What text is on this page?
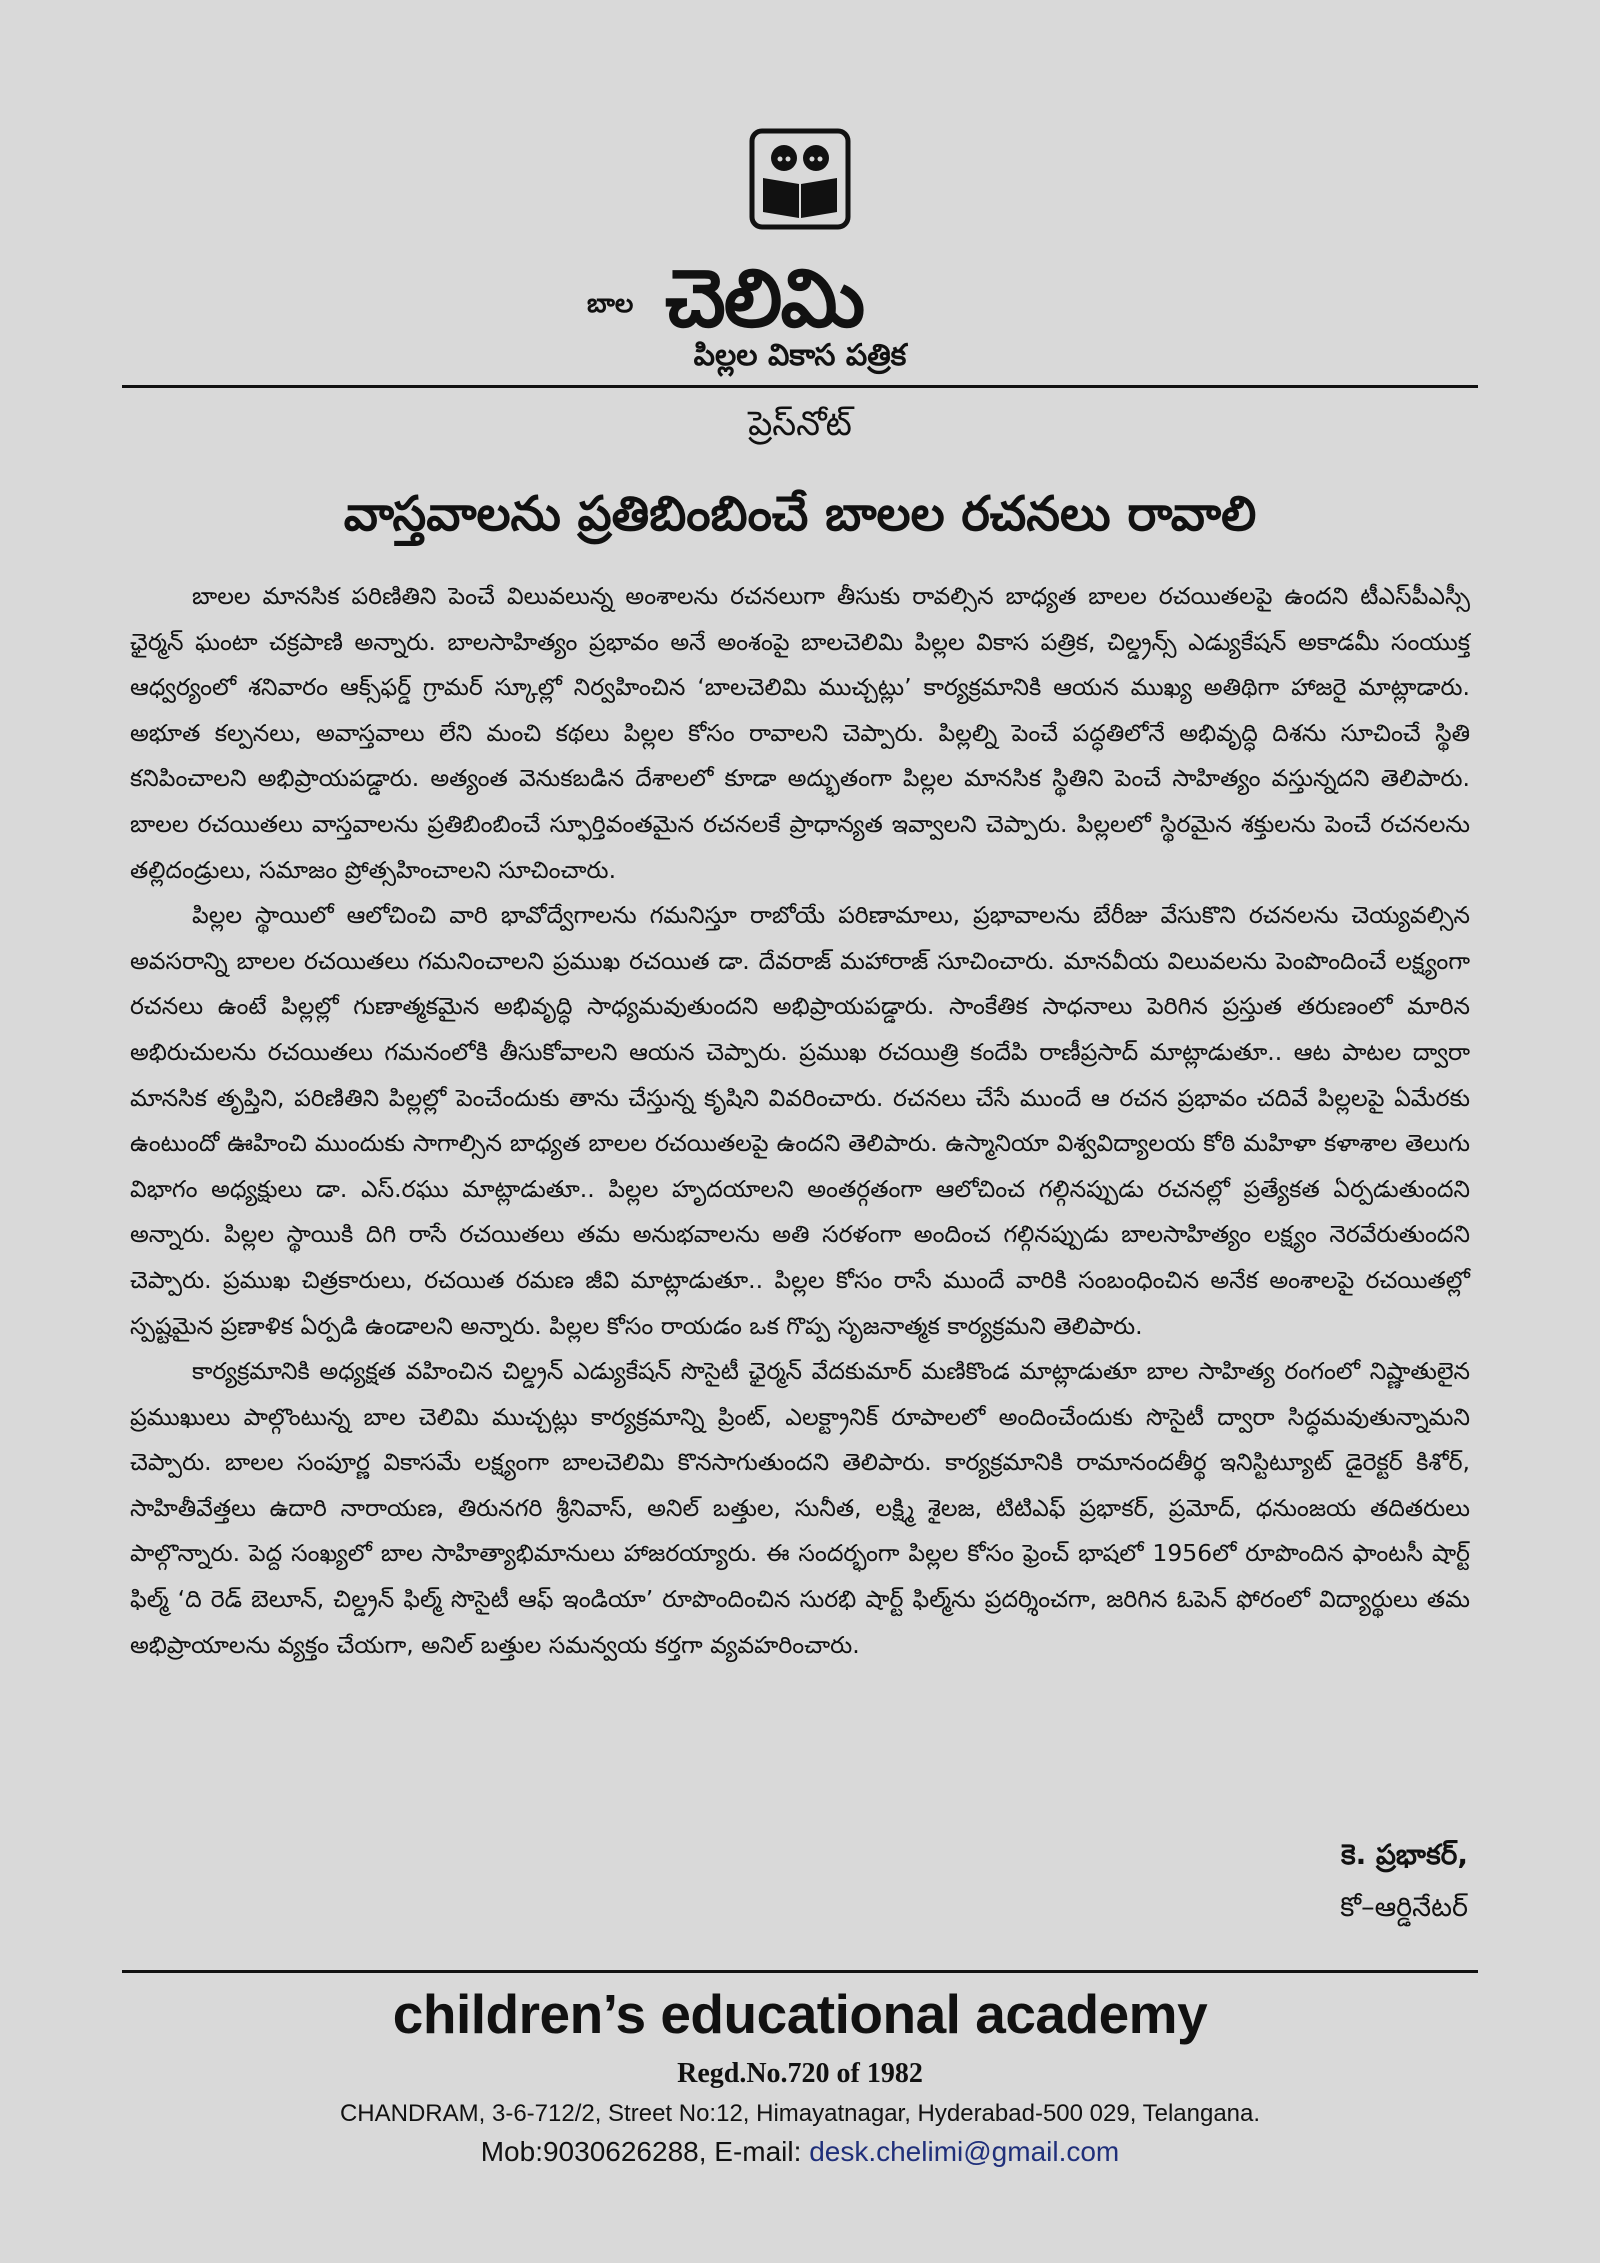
బాల చెలిమి
పిల్లల వికాస పత్రిక
ప్రెస్‌నోట్
వాస్తవాలను ప్రతిబింబించే బాలల రచనలు రావాలి

బాలల మానసిక పరిణితిని పెంచే విలువలున్న అంశాలను రచనలుగా తీసుకు రావల్సిన బాధ్యత బాలల రచయితలపై ఉందని టీఎస్‌పీఎస్సీ ఛైర్మన్ ఘంటా చక్రపాణి అన్నారు. బాలసాహిత్యం ప్రభావం అనే అంశంపై బాలచెలిమి పిల్లల వికాస పత్రిక, చిల్డ్రన్స్ ఎడ్యుకేషన్ అకాడమీ సంయుక్త ఆధ్వర్యంలో శనివారం ఆక్స్‌ఫర్డ్ గ్రామర్ స్కూల్లో నిర్వహించిన ‘బాలచెలిమి ముచ్చట్లు’ కార్యక్రమానికి ఆయన ముఖ్య అతిథిగా హాజరై మాట్లాడారు. అభూత కల్పనలు, అవాస్తవాలు లేని మంచి కథలు పిల్లల కోసం రావాలని చెప్పారు. పిల్లల్ని పెంచే పద్ధతిలోనే అభివృద్ధి దిశను సూచించే స్థితి కనిపించాలని అభిప్రాయపడ్డారు. అత్యంత వెనుకబడిన దేశాలలో కూడా అద్భుతంగా పిల్లల మానసిక స్థితిని పెంచే సాహిత్యం వస్తున్నదని తెలిపారు. బాలల రచయితలు వాస్తవాలను ప్రతిబింబించే స్ఫూర్తివంతమైన రచనలకే ప్రాధాన్యత ఇవ్వాలని చెప్పారు. పిల్లలలో స్థిరమైన శక్తులను పెంచే రచనలను తల్లిదండ్రులు, సమాజం ప్రోత్సహించాలని సూచించారు.

పిల్లల స్థాయిలో ఆలోచించి వారి భావోద్వేగాలను గమనిస్తూ రాబోయే పరిణామాలు, ప్రభావాలను బేరీజు వేసుకొని రచనలను చెయ్యవల్సిన అవసరాన్ని బాలల రచయితలు గమనించాలని ప్రముఖ రచయిత డా. దేవరాజ్ మహారాజ్ సూచించారు. మానవీయ విలువలను పెంపొందించే లక్ష్యంగా రచనలు ఉంటే పిల్లల్లో గుణాత్మకమైన అభివృద్ధి సాధ్యమవుతుందని అభిప్రాయపడ్డారు. సాంకేతిక సాధనాలు పెరిగిన ప్రస్తుత తరుణంలో మారిన అభిరుచులను రచయితలు గమనంలోకి తీసుకోవాలని ఆయన చెప్పారు. ప్రముఖ రచయిత్రి కందేపి రాణీప్రసాద్ మాట్లాడుతూ.. ఆట పాటల ద్వారా మానసిక తృప్తిని, పరిణితిని పిల్లల్లో పెంచేందుకు తాను చేస్తున్న కృషిని వివరించారు. రచనలు చేసే ముందే ఆ రచన ప్రభావం చదివే పిల్లలపై ఏమేరకు ఉంటుందో ఊహించి ముందుకు సాగాల్సిన బాధ్యత బాలల రచయితలపై ఉందని తెలిపారు. ఉస్మానియా విశ్వవిద్యాలయ కోఠి మహిళా కళాశాల తెలుగు విభాగం అధ్యక్షులు డా. ఎస్.రఘు మాట్లాడుతూ.. పిల్లల హృదయాలని అంతర్గతంగా ఆలోచించ గల్గినప్పుడు రచనల్లో ప్రత్యేకత ఏర్పడుతుందని అన్నారు. పిల్లల స్థాయికి దిగి రాసే రచయితలు తమ అనుభవాలను అతి సరళంగా అందించ గల్గినప్పుడు బాలసాహిత్యం లక్ష్యం నెరవేరుతుందని చెప్పారు. ప్రముఖ చిత్రకారులు, రచయిత రమణ జీవి మాట్లాడుతూ.. పిల్లల కోసం రాసే ముందే వారికి సంబంధించిన అనేక అంశాలపై రచయితల్లో స్పష్టమైన ప్రణాళిక ఏర్పడి ఉండాలని అన్నారు. పిల్లల కోసం రాయడం ఒక గొప్ప సృజనాత్మక కార్యక్రమని తెలిపారు.

కార్యక్రమానికి అధ్యక్షత వహించిన చిల్డ్రన్ ఎడ్యుకేషన్ సొసైటీ ఛైర్మన్ వేదకుమార్ మణికొండ మాట్లాడుతూ బాల సాహిత్య రంగంలో నిష్ణాతులైన ప్రముఖులు పాల్గొంటున్న బాల చెలిమి ముచ్చట్లు కార్యక్రమాన్ని ప్రింట్, ఎలక్ట్రానిక్ రూపాలలో అందించేందుకు సొసైటీ ద్వారా సిద్ధమవుతున్నామని చెప్పారు. బాలల సంపూర్ణ వికాసమే లక్ష్యంగా బాలచెలిమి కొనసాగుతుందని తెలిపారు. కార్యక్రమానికి రామానందతీర్థ ఇనిస్టిట్యూట్ డైరెక్టర్ కిశోర్, సాహితీవేత్తలు ఉదారి నారాయణ, తిరునగరి శ్రీనివాస్, అనిల్ బత్తుల, సునీత, లక్ష్మి శైలజ, టిటిఎఫ్ ప్రభాకర్, ప్రమోద్, ధనుంజయ తదితరులు పాల్గొన్నారు. పెద్ద సంఖ్యలో బాల సాహిత్యాభిమానులు హాజరయ్యారు. ఈ సందర్భంగా పిల్లల కోసం ఫ్రెంచ్ భాషలో 1956లో రూపొందిన ఫాంటసీ షార్ట్ ఫిల్మ్ ‘ది రెడ్ బెలూన్, చిల్డ్రన్ ఫిల్మ్ సొసైటీ ఆఫ్ ఇండియా’ రూపొందించిన సురభి షార్ట్ ఫిల్మ్‌ను ప్రదర్శించగా, జరిగిన ఓపెన్ ఫోరంలో విద్యార్థులు తమ అభిప్రాయాలను వ్యక్తం చేయగా, అనిల్ బత్తుల సమన్వయ కర్తగా వ్యవహరించారు.

కె. ప్రభాకర్,
కో–ఆర్డినేటర్
children’s educational academy
Regd.No.720 of 1982
CHANDRAM, 3-6-712/2, Street No:12, Himayatnagar, Hyderabad-500 029, Telangana.
Mob:9030626288, E-mail: desk.chelimi@gmail.com
